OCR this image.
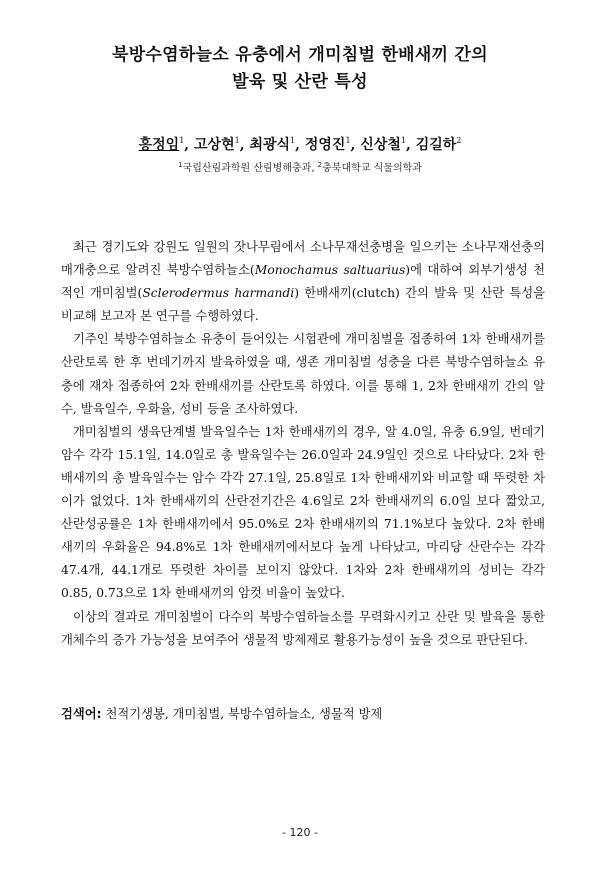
북방수염하늘소 유충에서 개미침벌 한배새끼 간의
발육 및 산란 특성
홍정임$^1$, 고상현$^1$, 최광식$^1$, 정영진$^1$, 신상철$^1$, 김길하$^2$
$^1$국립산림과학원 산림병해충과, $^2$충북대학교 식물의학과

최근 경기도와 강원도 일원의 잣나무림에서 소나무재선충병을 일으키는 소나무재선충의 매개충으로 알려진 북방수염하늘소(Monochamus saltuarius)에 대하여 외부기생성 천적인 개미침벌(Sclerodermus harmandi) 한배새끼(clutch) 간의 발육 및 산란 특성을 비교해 보고자 본 연구를 수행하였다.

기주인 북방수염하늘소 유충이 들어있는 시험관에 개미침벌을 접종하여 1차 한배새끼를 산란토록 한 후 번데기까지 발육하였을 때, 생존 개미침벌 성충을 다른 북방수염하늘소 유충에 재차 접종하여 2차 한배새끼를 산란토록 하였다. 이를 통해 1, 2차 한배새끼 간의 알 수, 발육일수, 우화율, 성비 등을 조사하였다.

개미침벌의 생육단계별 발육일수는 1차 한배새끼의 경우, 알 4.0일, 유충 6.9일, 번데기 암수 각각 15.1일, 14.0일로 총 발육일수는 26.0일과 24.9일인 것으로 나타났다. 2차 한배새끼의 총 발육일수는 암수 각각 27.1일, 25.8일로 1차 한배새끼와 비교할 때 뚜렷한 차이가 없었다. 1차 한배새끼의 산란전기간은 4.6일로 2차 한배새끼의 6.0일 보다 짧았고, 산란성공률은 1차 한배새끼에서 95.0%로 2차 한배새끼의 71.1%보다 높았다. 2차 한배새끼의 우화율은 94.8%로 1차 한배새끼에서보다 높게 나타났고, 마리당 산란수는 각각 47.4개, 44.1개로 뚜렷한 차이를 보이지 않았다. 1차와 2차 한배새끼의 성비는 각각 0.85, 0.73으로 1차 한배새끼의 암컷 비율이 높았다.

이상의 결과로 개미침벌이 다수의 북방수염하늘소를 무력화시키고 산란 및 발육을 통한 개체수의 증가 가능성을 보여주어 생물적 방제제로 활용가능성이 높을 것으로 판단된다.

검색어: 천적기생봉, 개미침벌, 북방수염하늘소, 생물적 방제
- 120 -
